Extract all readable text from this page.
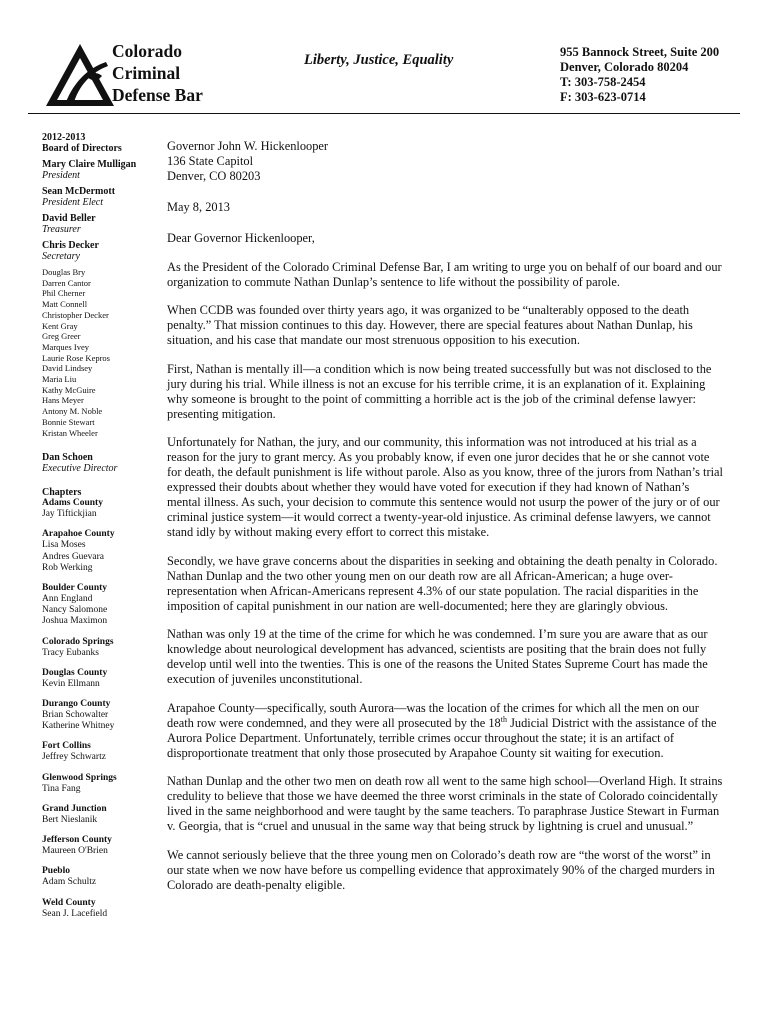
Colorado
Criminal
Defense Bar
Liberty, Justice, Equality	955 Bannock Street, Suite 200
Denver, Colorado 80204
T: 303-758-2454
F: 303-623-0714
2012-2013
Board of Directors
Mary Claire Mulligan
President
Sean McDermott
President Elect
David Beller
Treasurer
Chris Decker
Secretary
Douglas Bry
Darren Cantor
Phil Cherner
Matt Connell
Christopher Decker
Kent Gray
Greg Greer
Marques Ivey
Laurie Rose Kepros
David Lindsey
Maria Liu
Kathy McGuire
Hans Meyer
Antony M. Noble
Bonnie Stewart
Kristan Wheeler
Dan Schoen
Executive Director
Chapters
Adams County
Jay Tiftickjian
Arapahoe County
Lisa Moses
Andres Guevara
Rob Werking
Boulder County
Ann England
Nancy Salomone
Joshua Maximon
Colorado Springs
Tracy Eubanks
Douglas County
Kevin Ellmann
Durango County
Brian Schowalter
Katherine Whitney
Fort Collins
Jeffrey Schwartz
Glenwood Springs
Tina Fang
Grand Junction
Bert Nieslanik
Jefferson County
Maureen O'Brien
Pueblo
Adam Schultz
Weld County
Sean J. Lacefield
Governor John W. Hickenlooper
136 State Capitol
Denver, CO 80203
May 8, 2013
Dear Governor Hickenlooper,
As the President of the Colorado Criminal Defense Bar, I am writing to urge you on behalf of our board and our organization to commute Nathan Dunlap’s sentence to life without the possibility of parole.
When CCDB was founded over thirty years ago, it was organized to be “unalterably opposed to the death penalty.” That mission continues to this day. However, there are special features about Nathan Dunlap, his situation, and his case that mandate our most strenuous opposition to his execution.
First, Nathan is mentally ill—a condition which is now being treated successfully but was not disclosed to the jury during his trial. While illness is not an excuse for his terrible crime, it is an explanation of it. Explaining why someone is brought to the point of committing a horrible act is the job of the criminal defense lawyer: presenting mitigation.
Unfortunately for Nathan, the jury, and our community, this information was not introduced at his trial as a reason for the jury to grant mercy. As you probably know, if even one juror decides that he or she cannot vote for death, the default punishment is life without parole. Also as you know, three of the jurors from Nathan’s trial expressed their doubts about whether they would have voted for execution if they had known of Nathan’s mental illness. As such, your decision to commute this sentence would not usurp the power of the jury or of our criminal justice system—it would correct a twenty-year-old injustice. As criminal defense lawyers, we cannot stand idly by without making every effort to correct this mistake.
Secondly, we have grave concerns about the disparities in seeking and obtaining the death penalty in Colorado. Nathan Dunlap and the two other young men on our death row are all African-American; a huge over-representation when African-Americans represent 4.3% of our state population. The racial disparities in the imposition of capital punishment in our nation are well-documented; here they are glaringly obvious.
Nathan was only 19 at the time of the crime for which he was condemned. I’m sure you are aware that as our knowledge about neurological development has advanced, scientists are positing that the brain does not fully develop until well into the twenties. This is one of the reasons the United States Supreme Court has made the execution of juveniles unconstitutional.
Arapahoe County—specifically, south Aurora—was the location of the crimes for which all the men on our death row were condemned, and they were all prosecuted by the 18th Judicial District with the assistance of the Aurora Police Department. Unfortunately, terrible crimes occur throughout the state; it is an artifact of disproportionate treatment that only those prosecuted by Arapahoe County sit waiting for execution.
Nathan Dunlap and the other two men on death row all went to the same high school—Overland High. It strains credulity to believe that those we have deemed the three worst criminals in the state of Colorado coincidentally lived in the same neighborhood and were taught by the same teachers. To paraphrase Justice Stewart in Furman v. Georgia, that is “cruel and unusual in the same way that being struck by lightning is cruel and unusual.”
We cannot seriously believe that the three young men on Colorado’s death row are “the worst of the worst” in our state when we now have before us compelling evidence that approximately 90% of the charged murders in Colorado are death-penalty eligible.
